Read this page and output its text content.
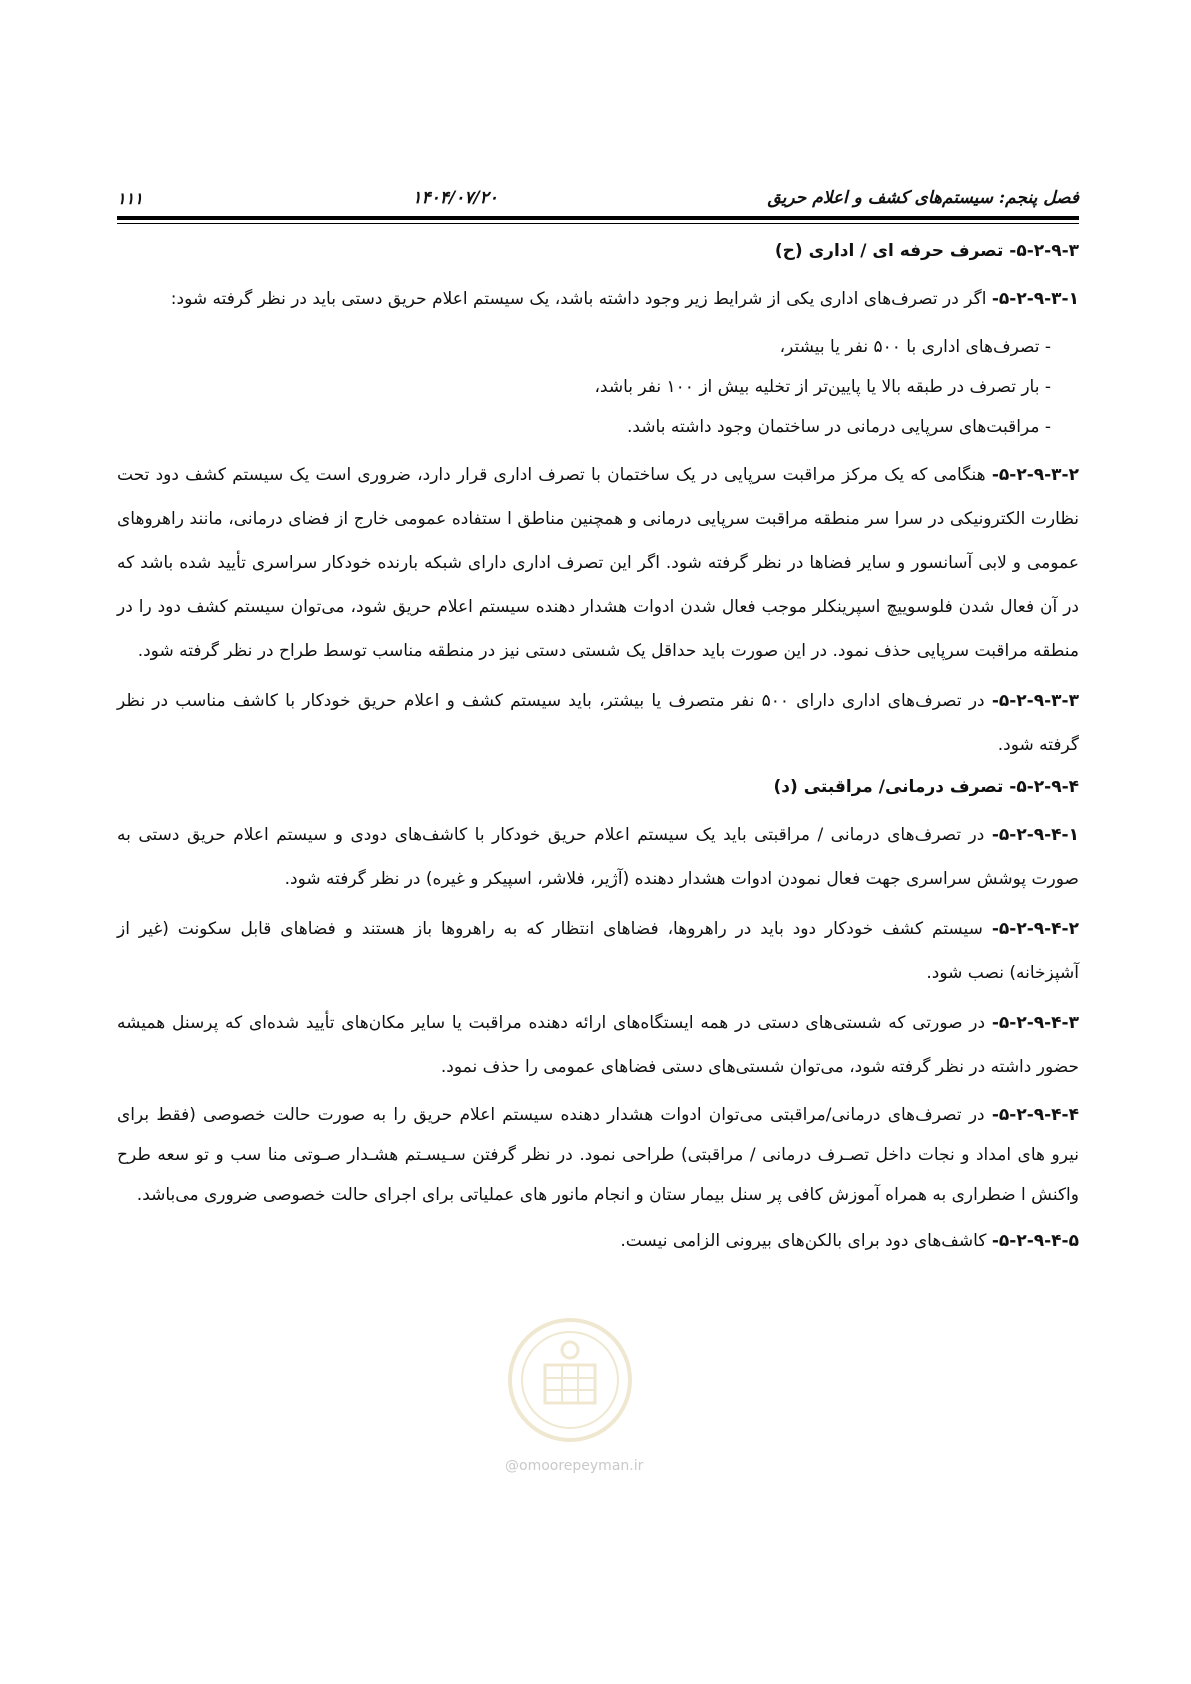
فصل پنجم: سیستم‌های کشف و اعلام حریق
۱۴۰۴/۰۷/۲۰
۱۱۱

۵-۲-۹-۳- تصرف حرفه ای / اداری (ح)

۵-۲-۹-۳-۱- اگر در تصرف‌های اداری یکی از شرایط زیر وجود داشته باشد، یک سیستم اعلام حریق دستی باید در نظر گرفته شود:

- تصرف‌های اداری با ۵۰۰ نفر یا بیشتر،
- بار تصرف در طبقه بالا یا پایین‌تر از تخلیه بیش از ۱۰۰ نفر باشد،
- مراقبت‌های سرپایی درمانی در ساختمان وجود داشته باشد.

۵-۲-۹-۳-۲- هنگامی که یک مرکز مراقبت سرپایی در یک ساختمان با تصرف اداری قرار دارد، ضروری است یک سیستم کشف دود تحت نظارت الکترونیکی در سرا سر منطقه مراقبت سرپایی درمانی و همچنین مناطق ا ستفاده عمومی خارج از فضای درمانی، مانند راهروهای عمومی و لابی آسانسور و سایر فضاها در نظر گرفته شود. اگر این تصرف اداری دارای شبکه بارنده خودکار سراسری تأیید شده باشد که در آن فعال شدن فلوسوییچ اسپرینکلر موجب فعال شدن ادوات هشدار دهنده سیستم اعلام حریق شود، می‌توان سیستم کشف دود را در منطقه مراقبت سرپایی حذف نمود. در این صورت باید حداقل یک شستی دستی نیز در منطقه مناسب توسط طراح در نظر گرفته شود.

۵-۲-۹-۳-۳- در تصرف‌های اداری دارای ۵۰۰ نفر متصرف یا بیشتر، باید سیستم کشف و اعلام حریق خودکار با کاشف مناسب در نظر گرفته شود.

۵-۲-۹-۴- تصرف درمانی/ مراقبتی (د)

۵-۲-۹-۴-۱- در تصرف‌های درمانی / مراقبتی باید یک سیستم اعلام حریق خودکار با کاشف‌های دودی و سیستم اعلام حریق دستی به صورت پوشش سراسری جهت فعال نمودن ادوات هشدار دهنده (آژیر، فلاشر، اسپیکر و غیره) در نظر گرفته شود.

۵-۲-۹-۴-۲- سیستم کشف خودکار دود باید در راهروها، فضاهای انتظار که به راهروها باز هستند و فضاهای قابل سکونت (غیر از آشپزخانه) نصب شود.

۵-۲-۹-۴-۳- در صورتی که شستی‌های دستی در همه ایستگاه‌های ارائه دهنده مراقبت یا سایر مکان‌های تأیید شده‌ای که پرسنل همیشه حضور داشته در نظر گرفته شود، می‌توان شستی‌های دستی فضاهای عمومی را حذف نمود.

۵-۲-۹-۴-۴- در تصرف‌های درمانی/مراقبتی می‌توان ادوات هشدار دهنده سیستم اعلام حریق را به صورت حالت خصوصی (فقط برای نیرو های امداد و نجات داخل تصـرف درمانی / مراقبتی) طراحی نمود. در نظر گرفتن سـیسـتم هشـدار صـوتی منا سب و تو سعه طرح واکنش ا ضطراری به همراه آموزش کافی پر سنل بیمار ستان و انجام مانور های عملیاتی برای اجرای حالت خصوصی ضروری می‌باشد.

۵-۲-۹-۴-۵- کاشف‌های دود برای بالکن‌های بیرونی الزامی نیست.

@omoorepeyman.ir
